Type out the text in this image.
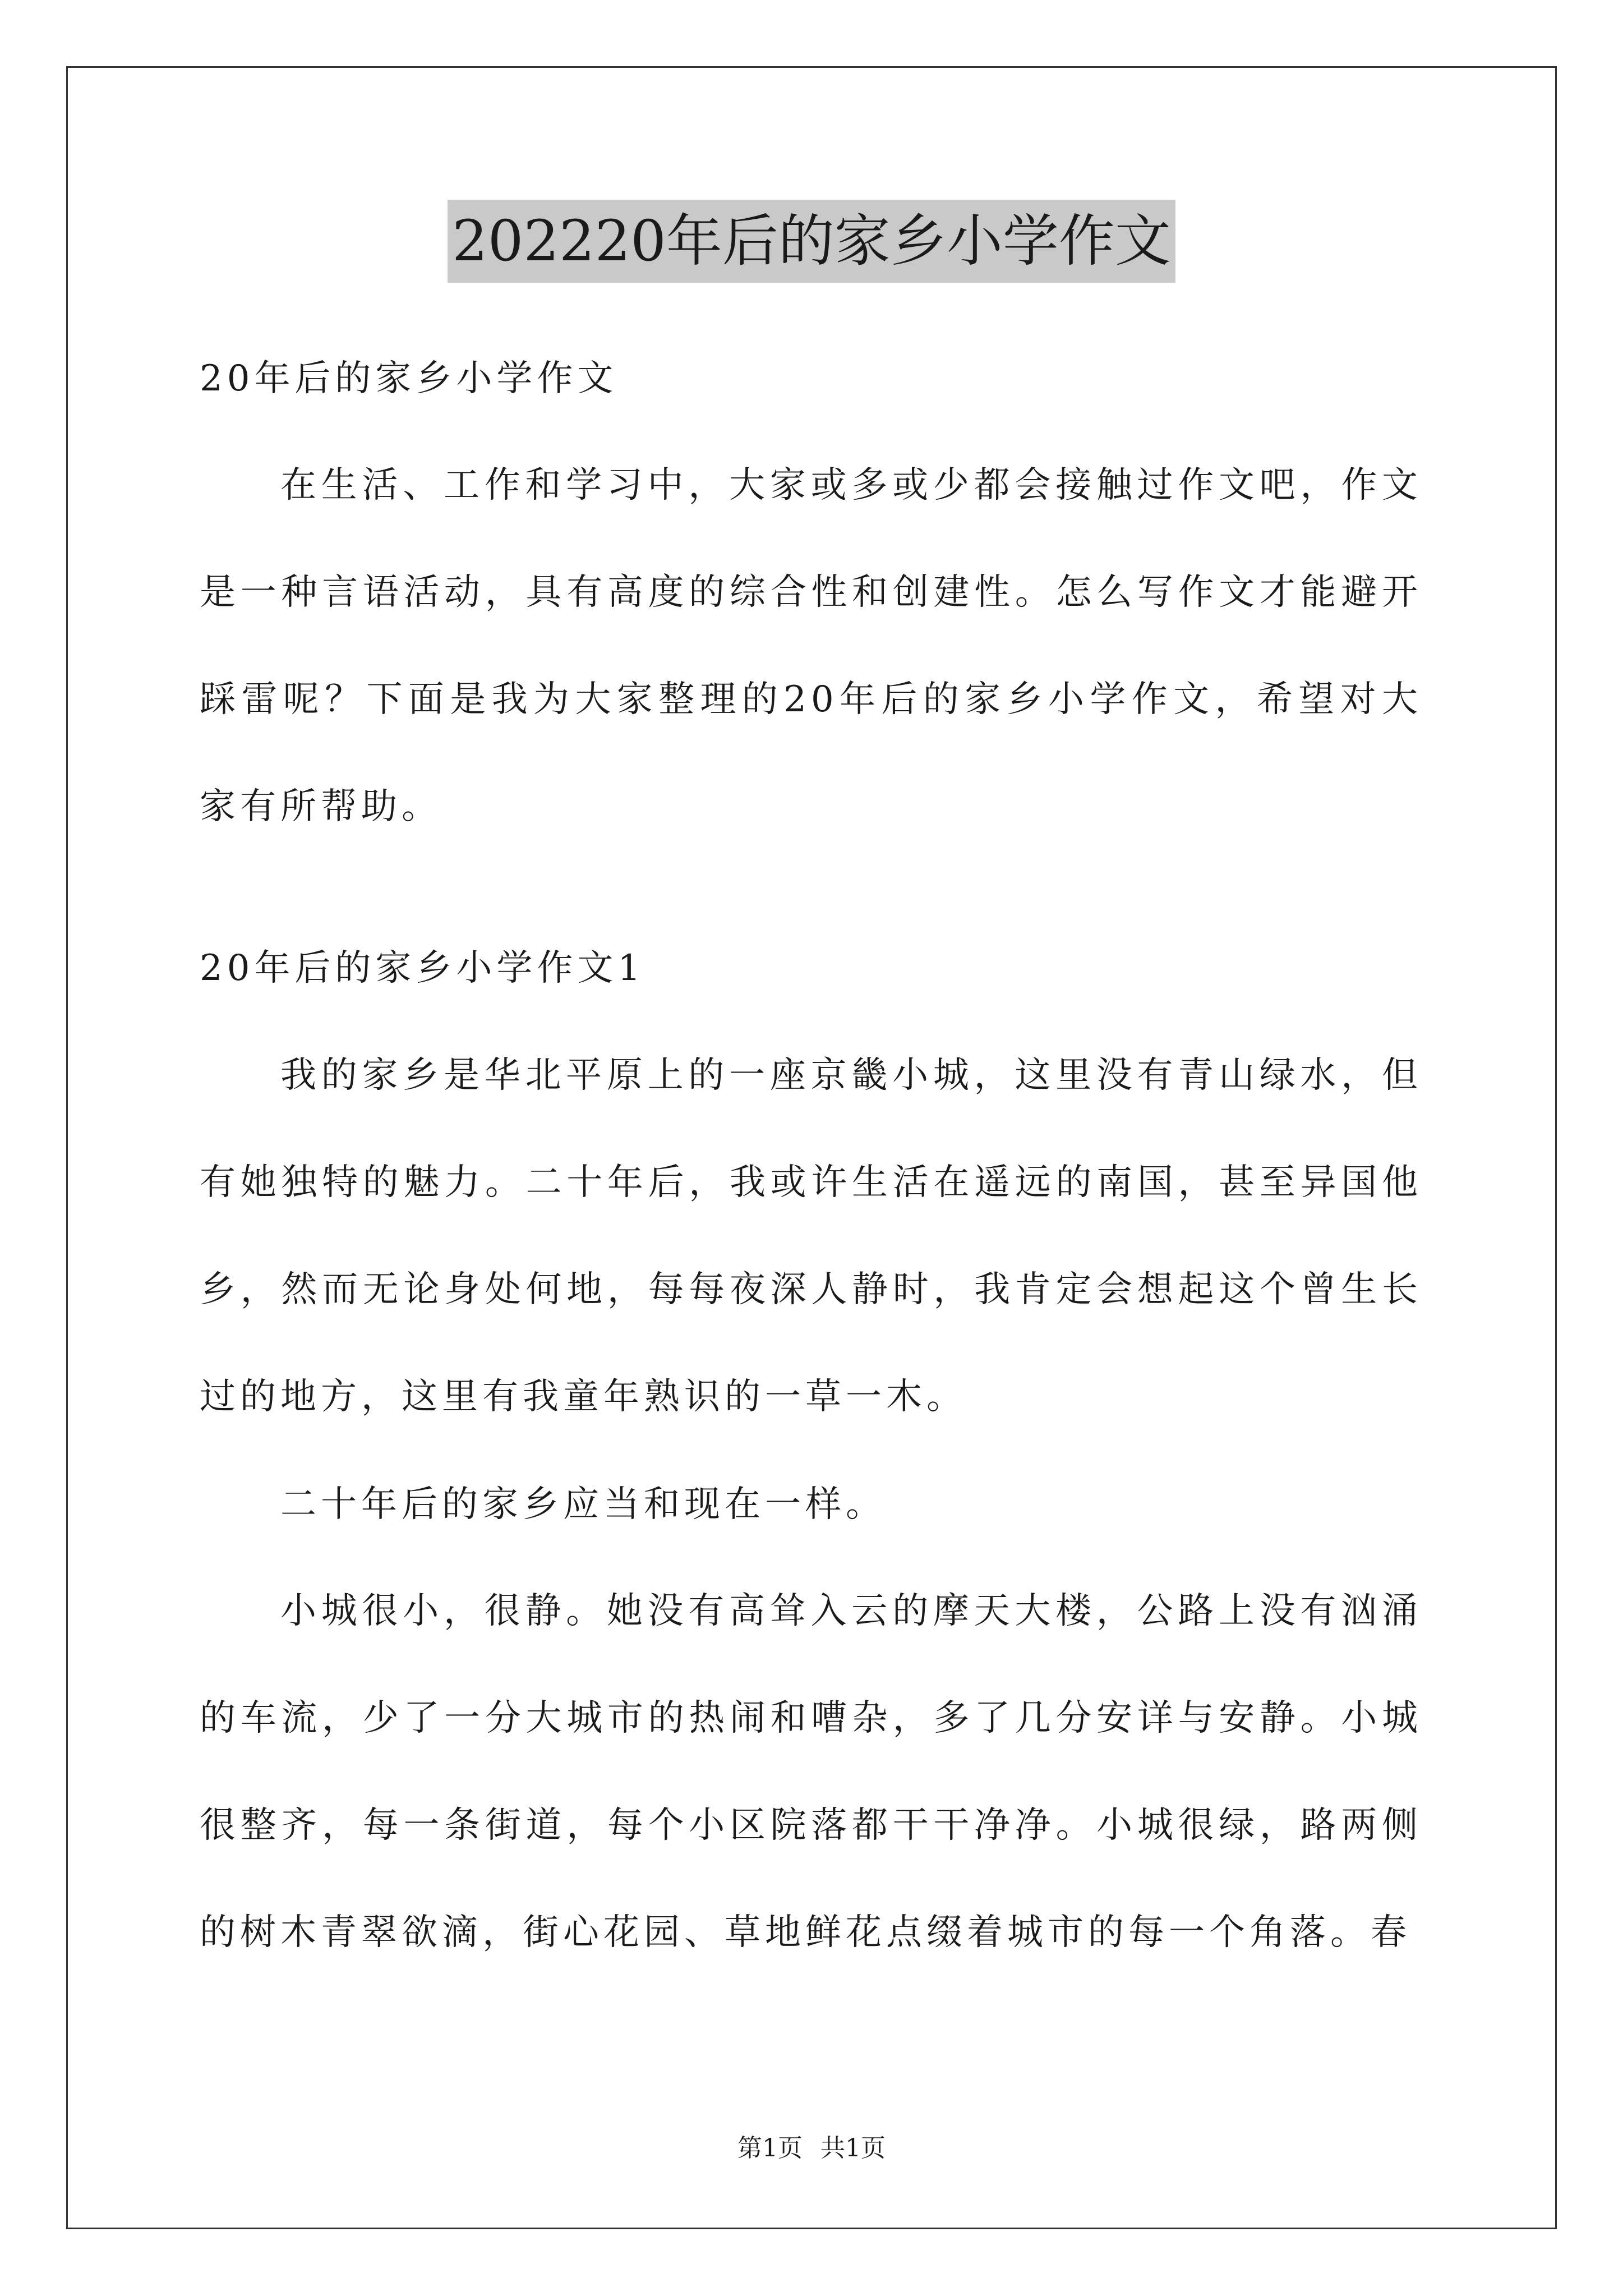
202220年后的家乡小学作文

20年后的家乡小学作文

在生活、工作和学习中，大家或多或少都会接触过作文吧，作文是一种言语活动，具有高度的综合性和创建性。怎么写作文才能避开踩雷呢？下面是我为大家整理的20年后的家乡小学作文，希望对大家有所帮助。

20年后的家乡小学作文1

我的家乡是华北平原上的一座京畿小城，这里没有青山绿水，但有她独特的魅力。二十年后，我或许生活在遥远的南国，甚至异国他乡，然而无论身处何地，每每夜深人静时，我肯定会想起这个曾生长过的地方，这里有我童年熟识的一草一木。

二十年后的家乡应当和现在一样。

小城很小，很静。她没有高耸入云的摩天大楼，公路上没有汹涌的车流，少了一分大城市的热闹和嘈杂，多了几分安详与安静。小城很整齐，每一条街道，每个小区院落都干干净净。小城很绿，路两侧的树木青翠欲滴，街心花园、草地鲜花点缀着城市的每一个角落。春

第1页 共1页
